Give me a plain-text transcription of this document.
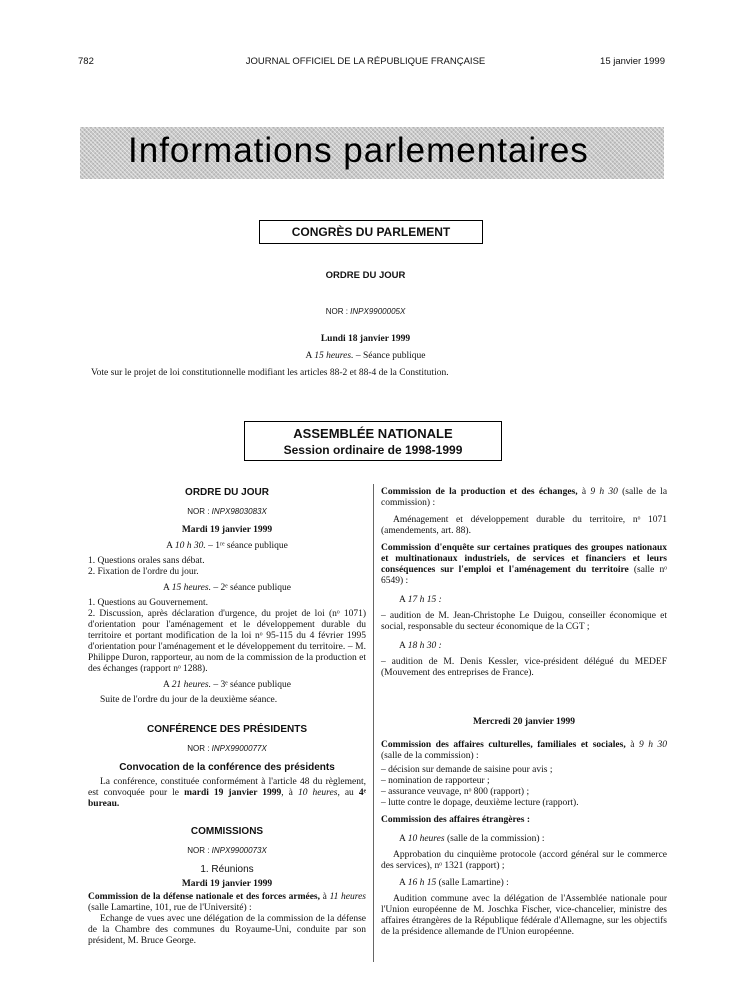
782	JOURNAL OFFICIEL DE LA RÉPUBLIQUE FRANÇAISE	15 janvier 1999
Informations parlementaires
CONGRÈS DU PARLEMENT
ORDRE DU JOUR
NOR : INPX9900005X
Lundi 18 janvier 1999
A 15 heures. – Séance publique
Vote sur le projet de loi constitutionnelle modifiant les articles 88-2 et 88-4 de la Constitution.
ASSEMBLÉE NATIONALE
Session ordinaire de 1998-1999
ORDRE DU JOUR
NOR : INPX9803083X
Mardi 19 janvier 1999
A 10 h 30. – 1ʳᵉ séance publique

1. Questions orales sans débat.

2. Fixation de l'ordre du jour.

A 15 heures. – 2ᵉ séance publique

1. Questions au Gouvernement.

2. Discussion, après déclaration d'urgence, du projet de loi (nᵒ 1071) d'orientation pour l'aménagement et le développement durable du territoire et portant modification de la loi nᵒ 95-115 du 4 février 1995 d'orientation pour l'aménagement et le développement du territoire. – M. Philippe Duron, rapporteur, au nom de la commission de la production et des échanges (rapport nᵒ 1288).

A 21 heures. – 3ᵉ séance publique

Suite de l'ordre du jour de la deuxième séance.

CONFÉRENCE DES PRÉSIDENTS
NOR : INPX9900077X
Convocation de la conférence des présidents

La conférence, constituée conformément à l'article 48 du règlement, est convoquée pour le mardi 19 janvier 1999, à 10 heures, au 4ᵉ bureau.

COMMISSIONS
NOR : INPX9900073X
1. Réunions
Mardi 19 janvier 1999

Commission de la défense nationale et des forces armées, à 11 heures (salle Lamartine, 101, rue de l'Université) :

Echange de vues avec une délégation de la commission de la défense de la Chambre des communes du Royaume-Uni, conduite par son président, M. Bruce George.

Commission de la production et des échanges, à 9 h 30 (salle de la commission) :

Aménagement et développement durable du territoire, nᵒ 1071 (amendements, art. 88).

Commission d'enquête sur certaines pratiques des groupes nationaux et multinationaux industriels, de services et financiers et leurs conséquences sur l'emploi et l'aménagement du territoire (salle nᵒ 6549) :

A 17 h 15 :

– audition de M. Jean-Christophe Le Duigou, conseiller économique et social, responsable du secteur économique de la CGT ;

A 18 h 30 :

– audition de M. Denis Kessler, vice-président délégué du MEDEF (Mouvement des entreprises de France).

Mercredi 20 janvier 1999

Commission des affaires culturelles, familiales et sociales, à 9 h 30 (salle de la commission) :

– décision sur demande de saisine pour avis ;

– nomination de rapporteur ;

– assurance veuvage, nᵒ 800 (rapport) ;

– lutte contre le dopage, deuxième lecture (rapport).

Commission des affaires étrangères :

A 10 heures (salle de la commission) :

Approbation du cinquième protocole (accord général sur le commerce des services), nᵒ 1321 (rapport) ;

A 16 h 15 (salle Lamartine) :

Audition commune avec la délégation de l'Assemblée nationale pour l'Union européenne de M. Joschka Fischer, vice-chancelier, ministre des affaires étrangères de la République fédérale d'Allemagne, sur les objectifs de la présidence allemande de l'Union européenne.
